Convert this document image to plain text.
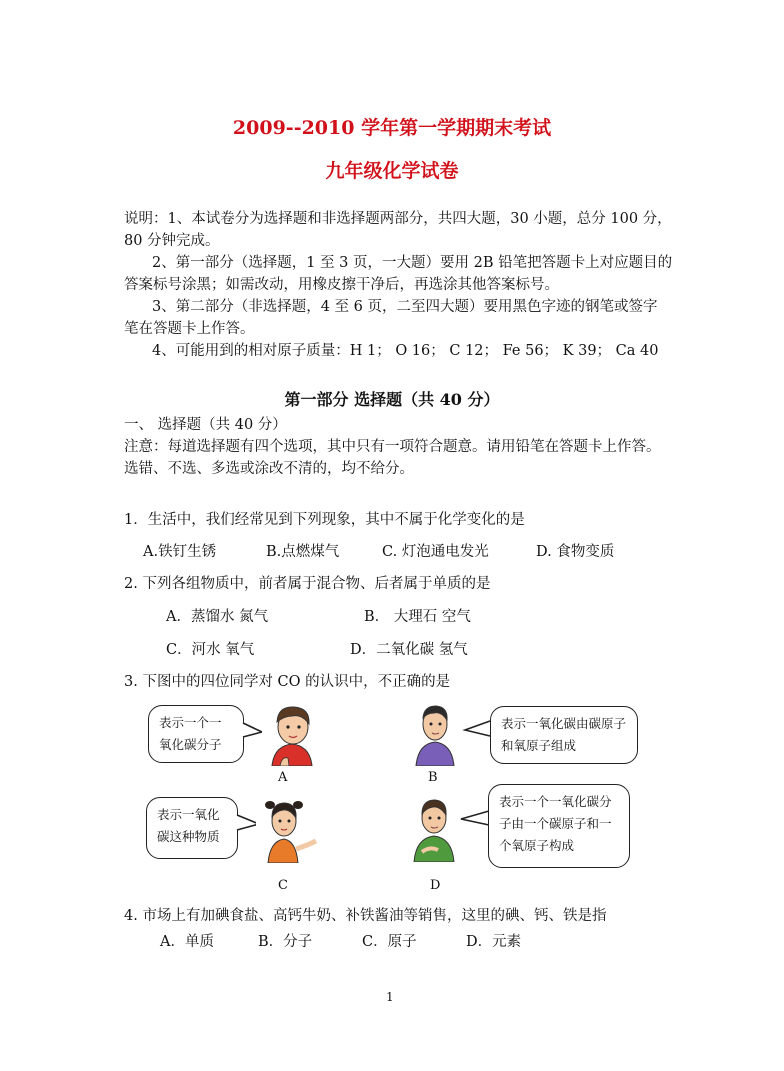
2009--2010 学年第一学期期末考试
九年级化学试卷
说明：1、本试卷分为选择题和非选择题两部分，共四大题，30 小题，总分 100 分，
80 分钟完成。
2、第一部分（选择题，1 至 3 页，一大题）要用 2B 铅笔把答题卡上对应题目的
答案标号涂黑；如需改动，用橡皮擦干净后，再选涂其他答案标号。
3、第二部分（非选择题，4 至 6 页，二至四大题）要用黑色字迹的钢笔或签字
笔在答题卡上作答。
4、可能用到的相对原子质量：H 1； O 16； C 12； Fe 56； K 39； Ca 40
第一部分 选择题（共 40 分）
一、 选择题（共 40 分）
注意：每道选择题有四个选项，其中只有一项符合题意。请用铅笔在答题卡上作答。
选错、不选、多选或涂改不清的，均不给分。
1．生活中，我们经常见到下列现象，其中不属于化学变化的是
A.铁钉生锈	B.点燃煤气	C. 灯泡通电发光	D. 食物变质
2. 下列各组物质中，前者属于混合物、后者属于单质的是
A．蒸馏水 氮气	B． 大理石 空气
C．河水 氧气	D．二氧化碳 氢气
3. 下图中的四位同学对 CO 的认识中，不正确的是
表示一个一氧化碳分子
A
表示一氧化碳由碳原子和氧原子组成
B
表示一氧化碳这种物质
C
表示一个一氧化碳分子由一个碳原子和一个氧原子构成
D
4. 市场上有加碘食盐、高钙牛奶、补铁酱油等销售，这里的碘、钙、铁是指
A．单质	B．分子	C．原子	D．元素
1
